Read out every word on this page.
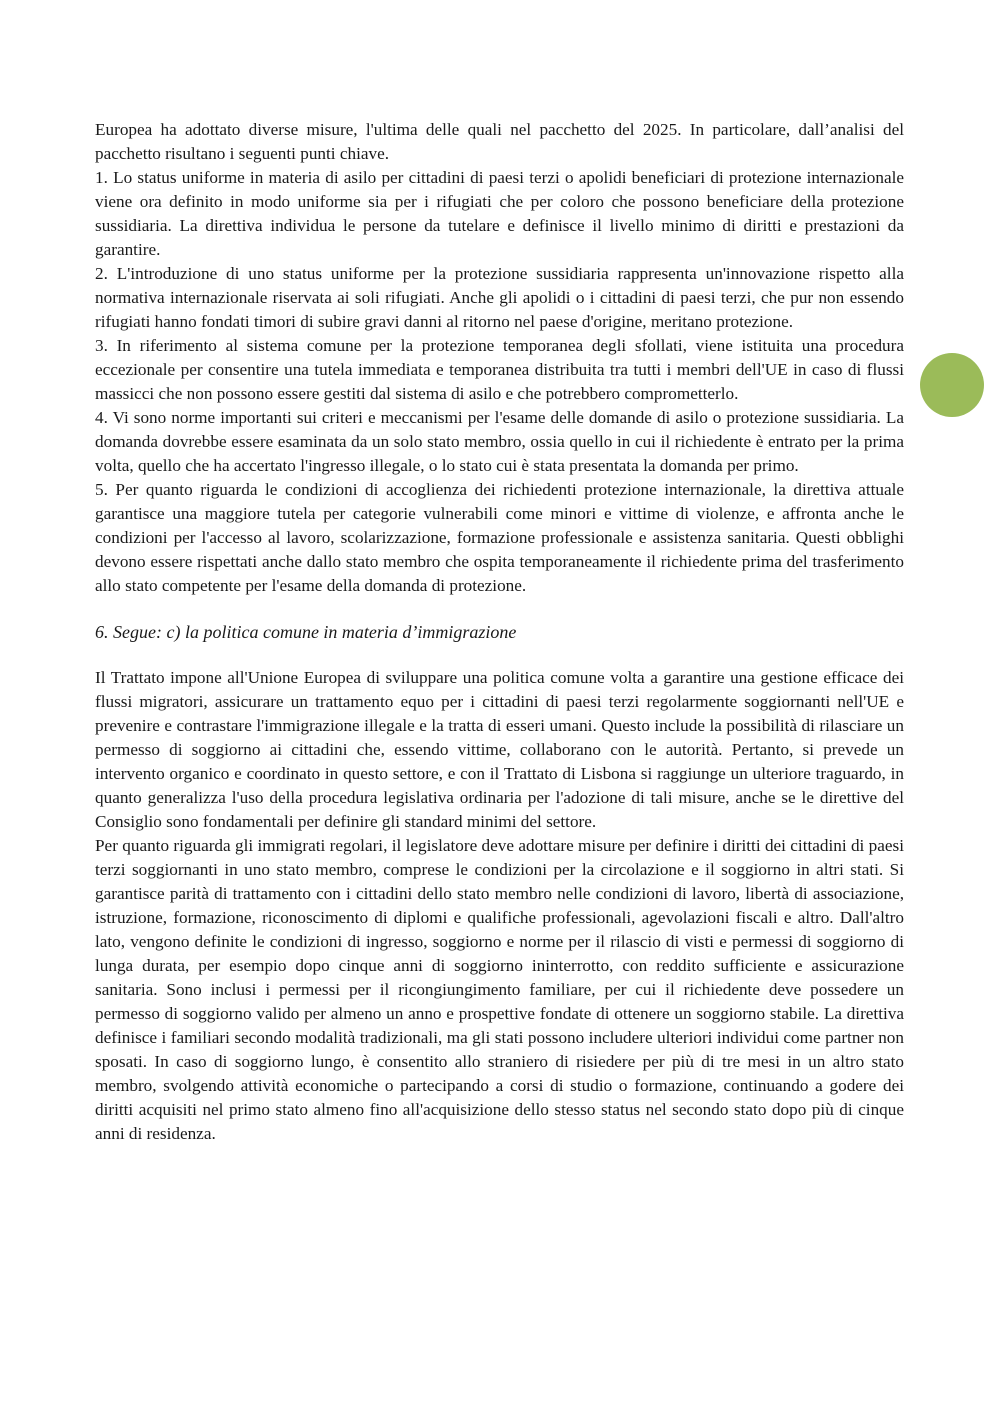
Europea ha adottato diverse misure, l'ultima delle quali nel pacchetto del 2025. In particolare, dall’analisi del pacchetto risultano i seguenti punti chiave.

1. Lo status uniforme in materia di asilo per cittadini di paesi terzi o apolidi beneficiari di protezione internazionale viene ora definito in modo uniforme sia per i rifugiati che per coloro che possono beneficiare della protezione sussidiaria. La direttiva individua le persone da tutelare e definisce il livello minimo di diritti e prestazioni da garantire.

2. L'introduzione di uno status uniforme per la protezione sussidiaria rappresenta un'innovazione rispetto alla normativa internazionale riservata ai soli rifugiati. Anche gli apolidi o i cittadini di paesi terzi, che pur non essendo rifugiati hanno fondati timori di subire gravi danni al ritorno nel paese d'origine, meritano protezione.

3. In riferimento al sistema comune per la protezione temporanea degli sfollati, viene istituita una procedura eccezionale per consentire una tutela immediata e temporanea distribuita tra tutti i membri dell'UE in caso di flussi massicci che non possono essere gestiti dal sistema di asilo e che potrebbero comprometterlo.

4. Vi sono norme importanti sui criteri e meccanismi per l'esame delle domande di asilo o protezione sussidiaria. La domanda dovrebbe essere esaminata da un solo stato membro, ossia quello in cui il richiedente è entrato per la prima volta, quello che ha accertato l'ingresso illegale, o lo stato cui è stata presentata la domanda per primo.

5. Per quanto riguarda le condizioni di accoglienza dei richiedenti protezione internazionale, la direttiva attuale garantisce una maggiore tutela per categorie vulnerabili come minori e vittime di violenze, e affronta anche le condizioni per l'accesso al lavoro, scolarizzazione, formazione professionale e assistenza sanitaria. Questi obblighi devono essere rispettati anche dallo stato membro che ospita temporaneamente il richiedente prima del trasferimento allo stato competente per l'esame della domanda di protezione.

6. Segue: c) la politica comune in materia d’immigrazione

Il Trattato impone all'Unione Europea di sviluppare una politica comune volta a garantire una gestione efficace dei flussi migratori, assicurare un trattamento equo per i cittadini di paesi terzi regolarmente soggiornanti nell'UE e prevenire e contrastare l'immigrazione illegale e la tratta di esseri umani. Questo include la possibilità di rilasciare un permesso di soggiorno ai cittadini che, essendo vittime, collaborano con le autorità. Pertanto, si prevede un intervento organico e coordinato in questo settore, e con il Trattato di Lisbona si raggiunge un ulteriore traguardo, in quanto generalizza l'uso della procedura legislativa ordinaria per l'adozione di tali misure, anche se le direttive del Consiglio sono fondamentali per definire gli standard minimi del settore.

Per quanto riguarda gli immigrati regolari, il legislatore deve adottare misure per definire i diritti dei cittadini di paesi terzi soggiornanti in uno stato membro, comprese le condizioni per la circolazione e il soggiorno in altri stati. Si garantisce parità di trattamento con i cittadini dello stato membro nelle condizioni di lavoro, libertà di associazione, istruzione, formazione, riconoscimento di diplomi e qualifiche professionali, agevolazioni fiscali e altro. Dall'altro lato, vengono definite le condizioni di ingresso, soggiorno e norme per il rilascio di visti e permessi di soggiorno di lunga durata, per esempio dopo cinque anni di soggiorno ininterrotto, con reddito sufficiente e assicurazione sanitaria. Sono inclusi i permessi per il ricongiungimento familiare, per cui il richiedente deve possedere un permesso di soggiorno valido per almeno un anno e prospettive fondate di ottenere un soggiorno stabile. La direttiva definisce i familiari secondo modalità tradizionali, ma gli stati possono includere ulteriori individui come partner non sposati. In caso di soggiorno lungo, è consentito allo straniero di risiedere per più di tre mesi in un altro stato membro, svolgendo attività economiche o partecipando a corsi di studio o formazione, continuando a godere dei diritti acquisiti nel primo stato almeno fino all'acquisizione dello stesso status nel secondo stato dopo più di cinque anni di residenza.
